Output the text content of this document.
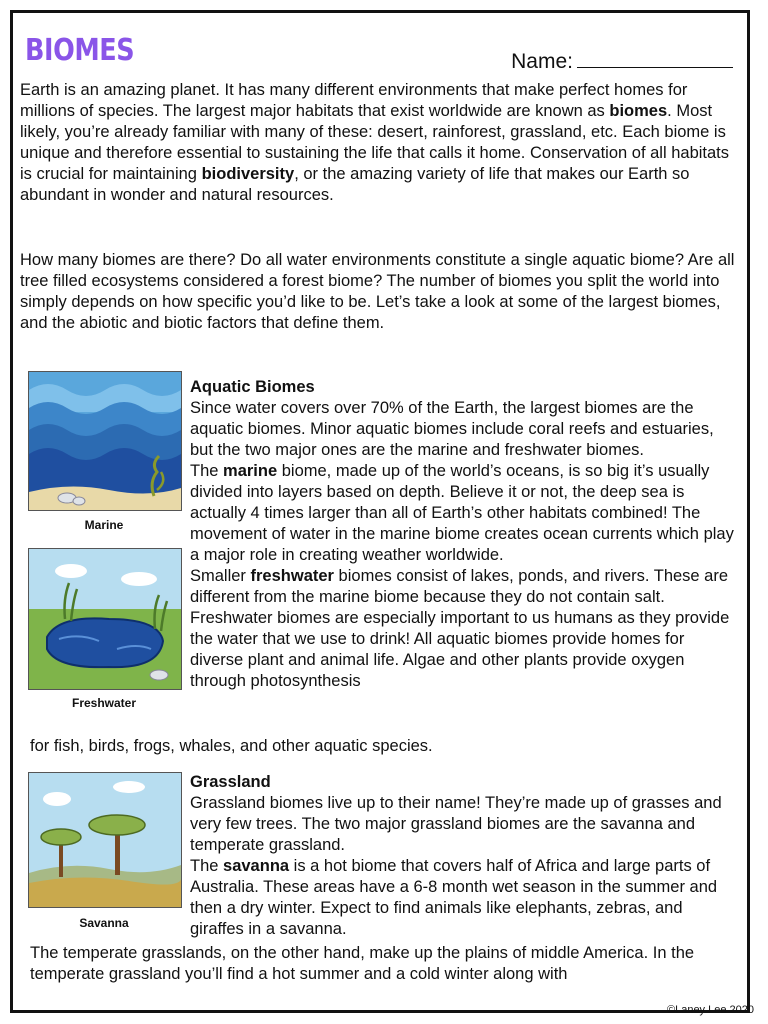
BIOMES	Name:

Earth is an amazing planet. It has many different environments that make perfect homes for millions of species. The largest major habitats that exist worldwide are known as biomes. Most likely, you’re already familiar with many of these: desert, rainforest, grassland, etc. Each biome is unique and therefore essential to sustaining the life that calls it home. Conservation of all habitats is crucial for maintaining biodiversity, or the amazing variety of life that makes our Earth so abundant in wonder and natural resources.

How many biomes are there? Do all water environments constitute a single aquatic biome? Are all tree filled ecosystems considered a forest biome? The number of biomes you split the world into simply depends on how specific you’d like to be. Let’s take a look at some of the largest biomes, and the abiotic and biotic factors that define them.

Marine
Freshwater
Aquatic Biomes

Since water covers over 70% of the Earth, the largest biomes are the aquatic biomes. Minor aquatic biomes include coral reefs and estuaries, but the two major ones are the marine and freshwater biomes.

The marine biome, made up of the world’s oceans, is so big it’s usually divided into layers based on depth. Believe it or not, the deep sea is actually 4 times larger than all of Earth’s other habitats combined! The movement of water in the marine biome creates ocean currents which play a major role in creating weather worldwide.

Smaller freshwater biomes consist of lakes, ponds, and rivers. These are different from the marine biome because they do not contain salt. Freshwater biomes are especially important to us humans as they provide the water that we use to drink! All aquatic biomes provide homes for diverse plant and animal life. Algae and other plants provide oxygen through photosynthesis

for fish, birds, frogs, whales, and other aquatic species.

Savanna
Grassland

Grassland biomes live up to their name! They’re made up of grasses and very few trees. The two major grassland biomes are the savanna and temperate grassland.

The savanna is a hot biome that covers half of Africa and large parts of Australia. These areas have a 6-8 month wet season in the summer and then a dry winter. Expect to find animals like elephants, zebras, and giraffes in a savanna.

The temperate grasslands, on the other hand, make up the plains of middle America. In the temperate grassland you’ll find a hot summer and a cold winter along with

©Laney Lee 2020
